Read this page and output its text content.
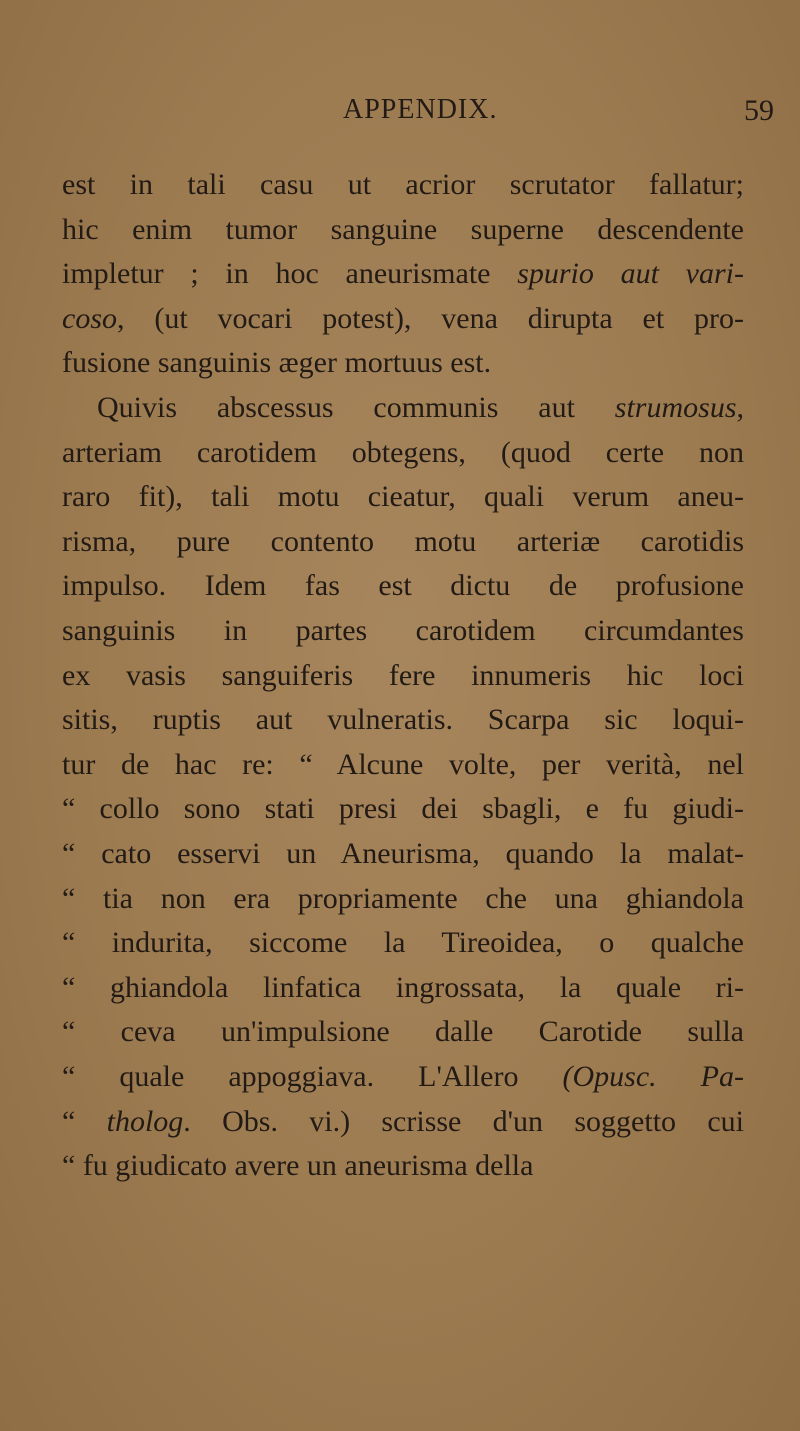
APPENDIX.	59
est in tali casu ut acrior scrutator fallatur;
hic enim tumor sanguine superne descendente
impletur ; in hoc aneurismate spurio aut vari-
coso, (ut vocari potest), vena dirupta et pro-
fusione sanguinis æger mortuus est.
Quivis abscessus communis aut strumosus,
arteriam carotidem obtegens, (quod certe non
raro fit), tali motu cieatur, quali verum aneu-
risma, pure contento motu arteriæ carotidis
impulso. Idem fas est dictu de profusione
sanguinis in partes carotidem circumdantes
ex vasis sanguiferis fere innumeris hic loci
sitis, ruptis aut vulneratis. Scarpa sic loqui-
tur de hac re: “ Alcune volte, per verità, nel
“ collo sono stati presi dei sbagli, e fu giudi-
“ cato esservi un Aneurisma, quando la malat-
“ tia non era propriamente che una ghiandola
“ indurita, siccome la Tireoidea, o qualche
“ ghiandola linfatica ingrossata, la quale ri-
“ ceva un'impulsione dalle Carotide sulla
“ quale appoggiava. L'Allero (Opusc. Pa-
“ tholog. Obs. vi.) scrisse d'un soggetto cui
“ fu giudicato avere un aneurisma della
